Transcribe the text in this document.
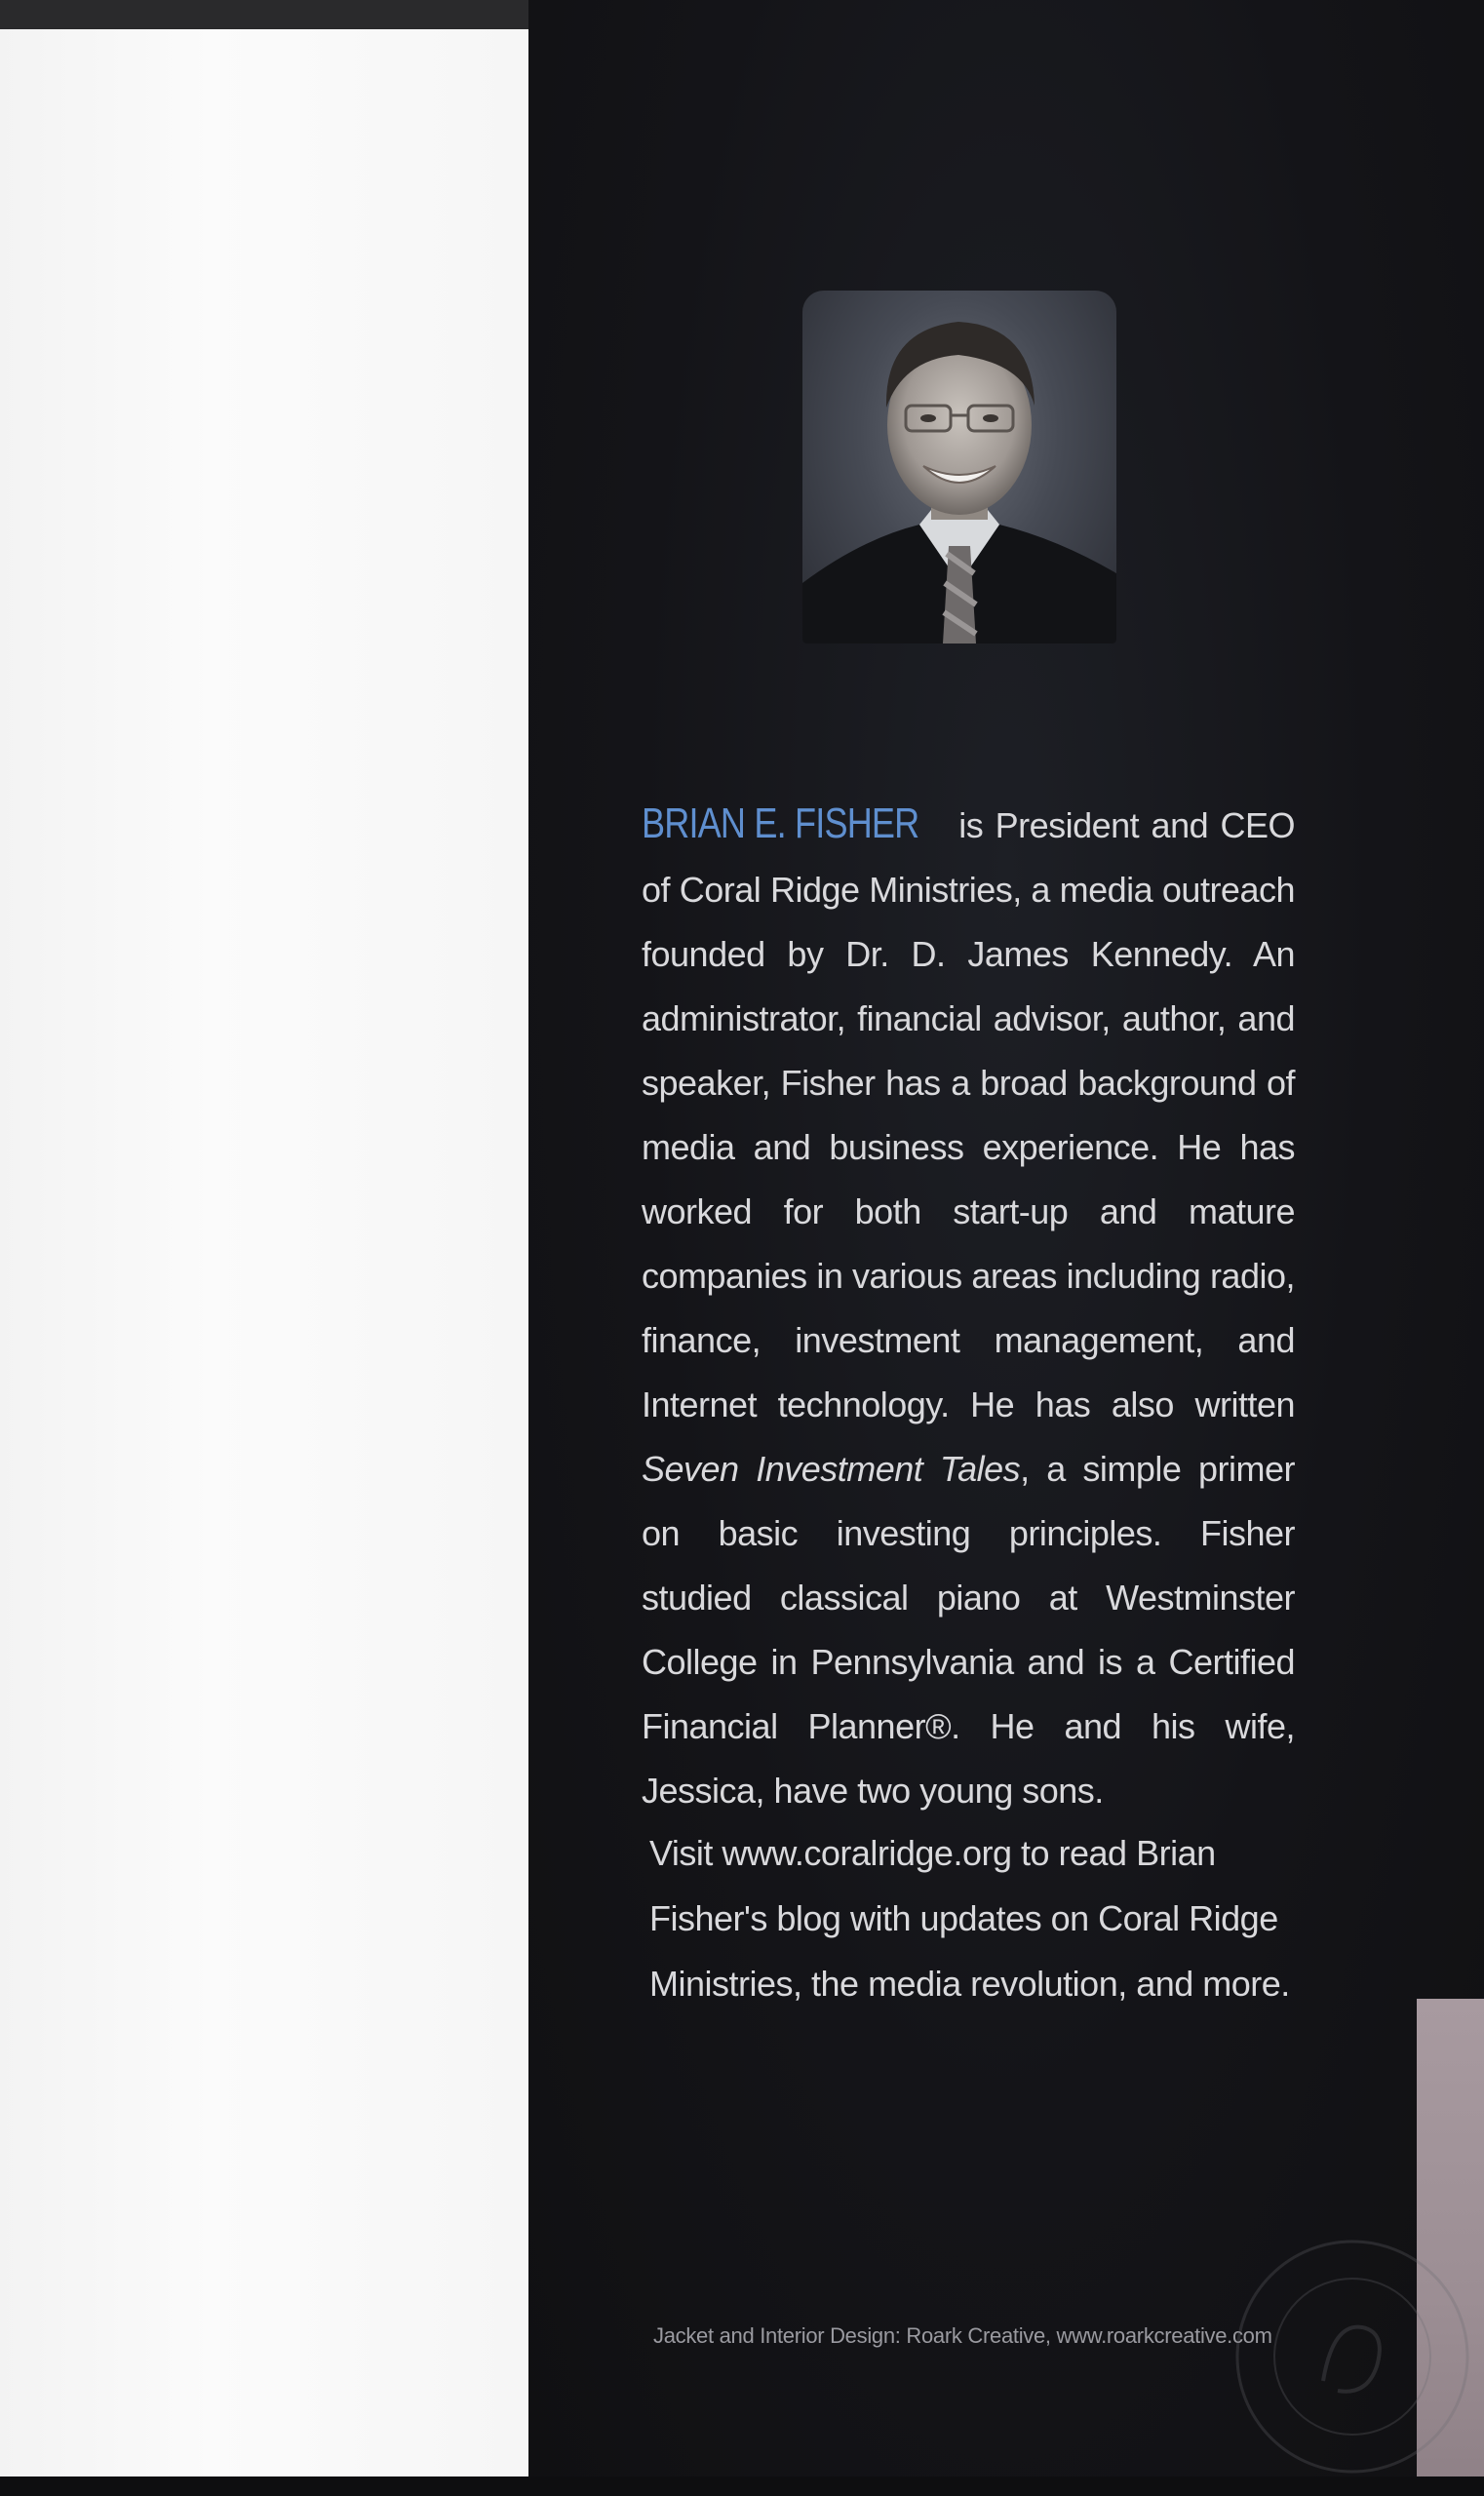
BRIAN E. FISHER is President and CEO of Coral Ridge Ministries, a media outreach founded by Dr. D. James Kennedy. An administrator, financial advisor, author, and speaker, Fisher has a broad background of media and business experience. He has worked for both start-up and mature companies in various areas including radio, finance, investment management, and Internet technology. He has also written Seven Investment Tales, a simple primer on basic investing principles. Fisher studied classical piano at Westminster College in Pennsylvania and is a Certified Financial Planner®. He and his wife, Jessica, have two young sons.
Visit www.coralridge.org to read Brian Fisher's blog with updates on Coral Ridge Ministries, the media revolution, and more.
Jacket and Interior Design: Roark Creative, www.roarkcreative.com
